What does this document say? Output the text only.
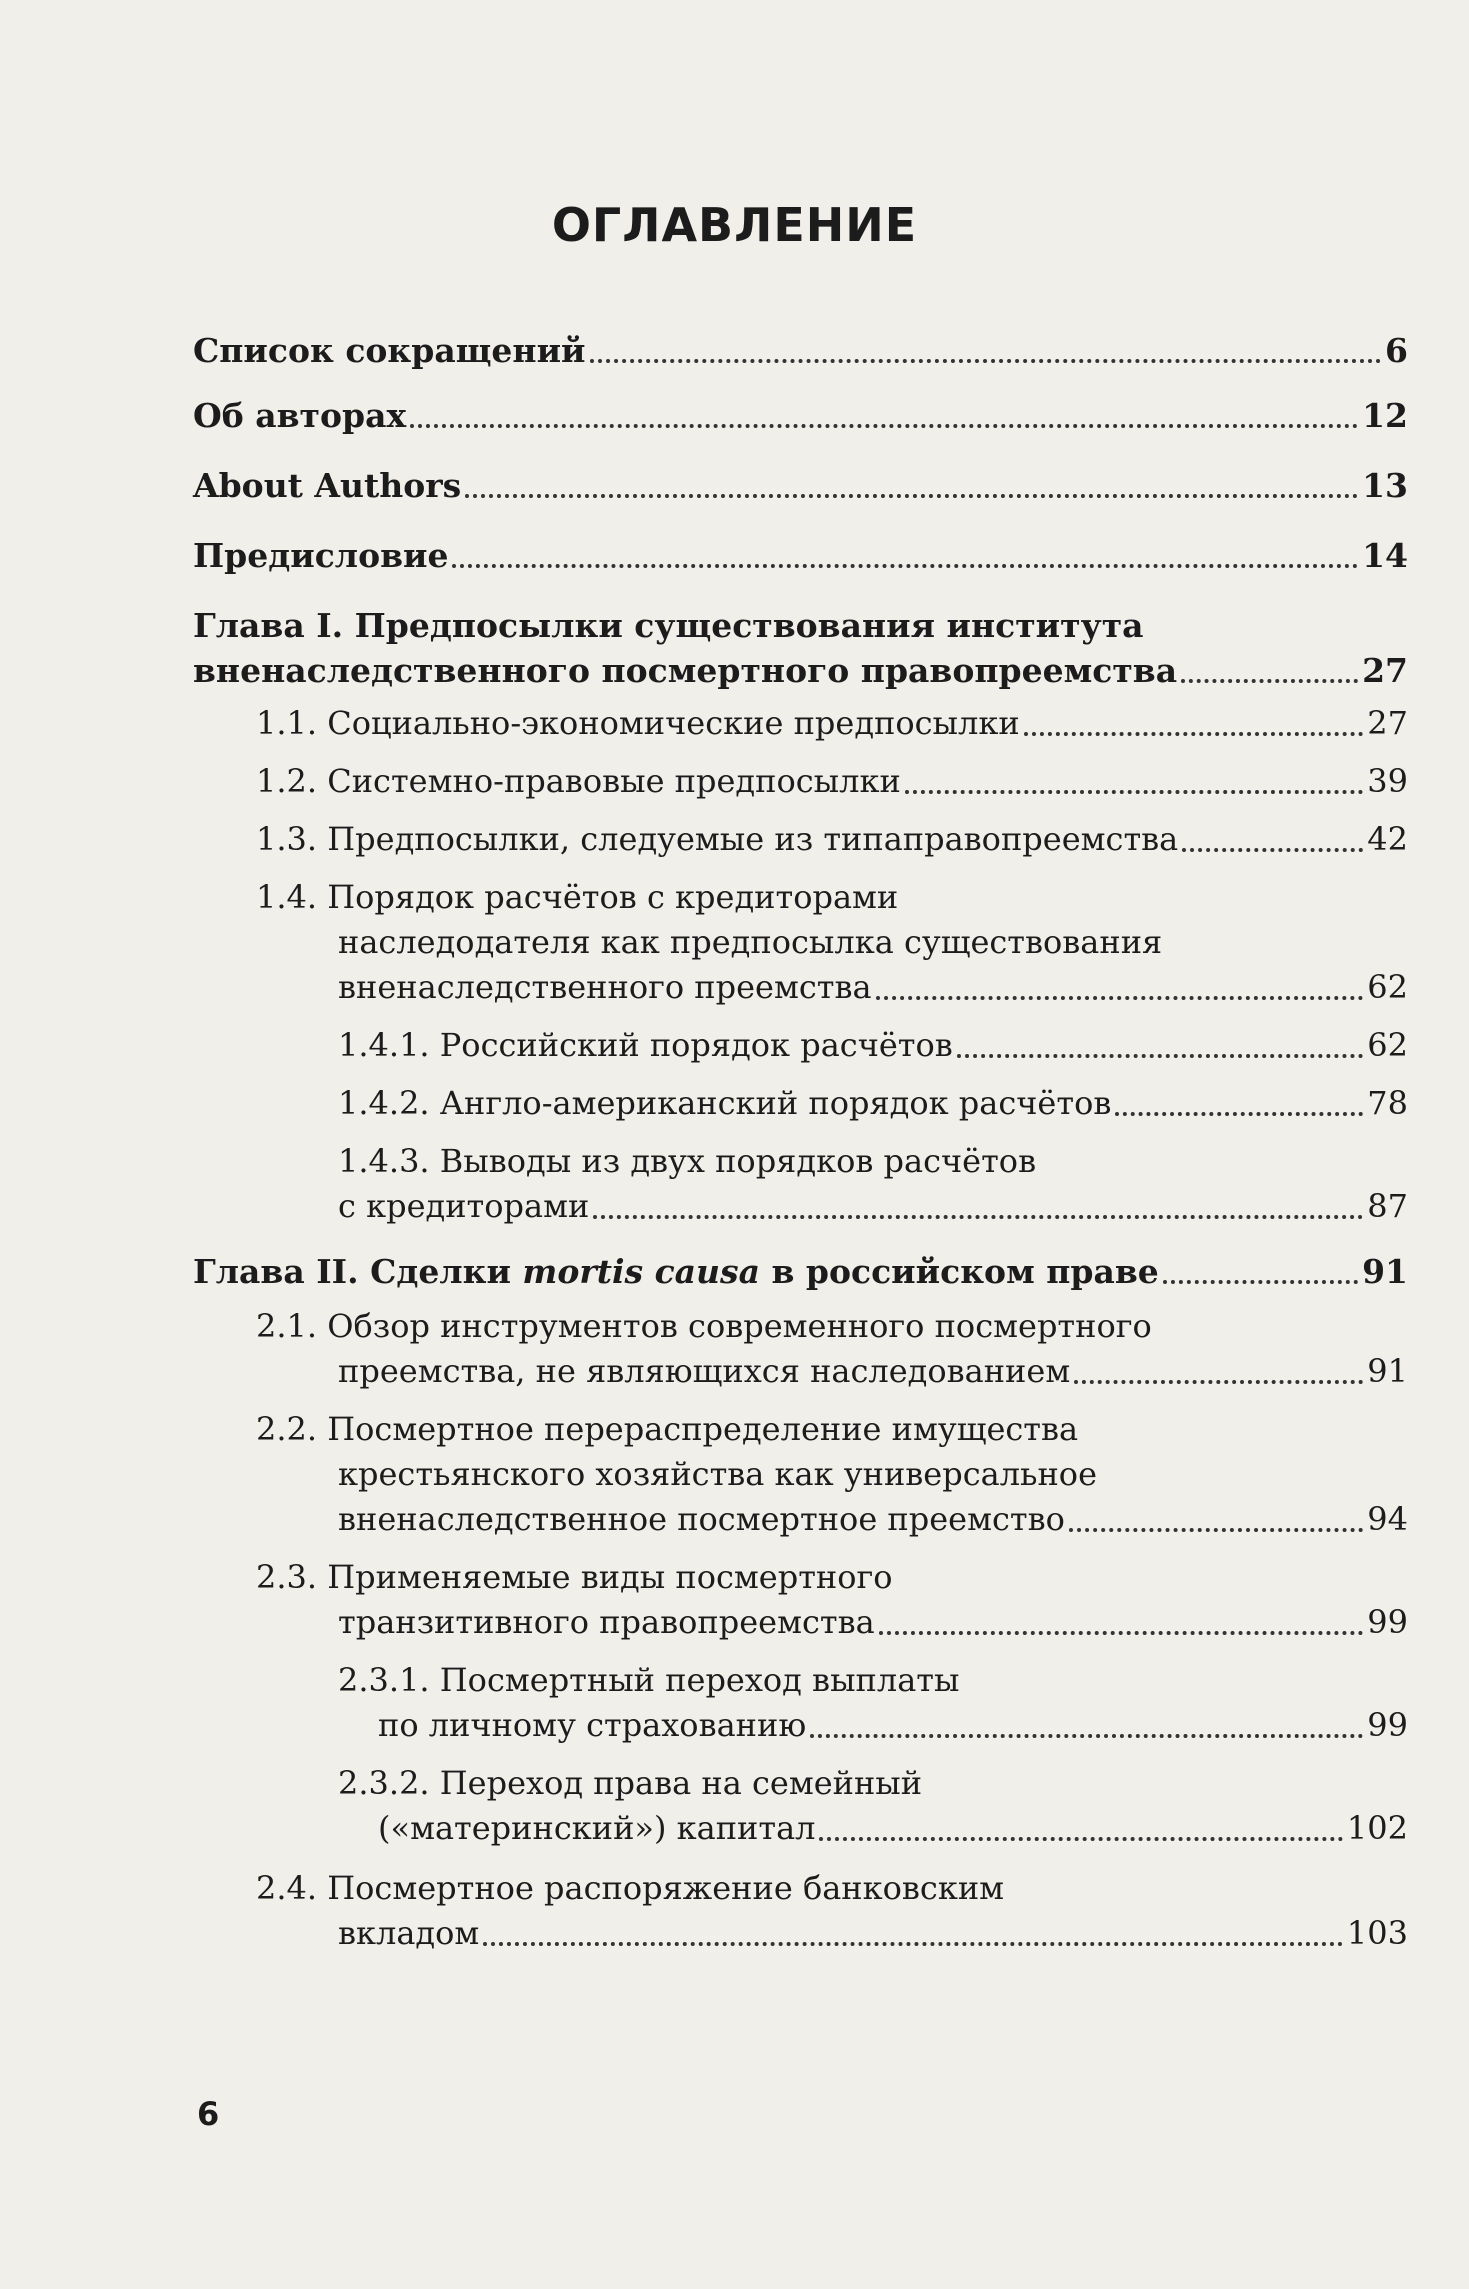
ОГЛАВЛЕНИЕ
Список сокращений	6
Об авторах	12
About Authors	13
Предисловие	14
Глава I. Предпосылки существования института
вненаследственного посмертного правопреемства	27
1.1. Социально-экономические предпосылки	27
1.2. Системно-правовые предпосылки	39
1.3. Предпосылки, следуемые из типаправопреемства	42
1.4. Порядок расчётов с кредиторами
наследодателя как предпосылка существования
вненаследственного преемства	62
1.4.1. Российский порядок расчётов	62
1.4.2. Англо-американский порядок расчётов	78
1.4.3. Выводы из двух порядков расчётов
с кредиторами	87
Глава II. Сделки mortis causa в российском праве	91
2.1. Обзор инструментов современного посмертного
преемства, не являющихся наследованием	91
2.2. Посмертное перераспределение имущества
крестьянского хозяйства как универсальное
вненаследственное посмертное преемство	94
2.3. Применяемые виды посмертного
транзитивного правопреемства	99
2.3.1. Посмертный переход выплаты
по личному страхованию	99
2.3.2. Переход права на семейный
(«материнский») капитал	102
2.4. Посмертное распоряжение банковским
вкладом	103
6
